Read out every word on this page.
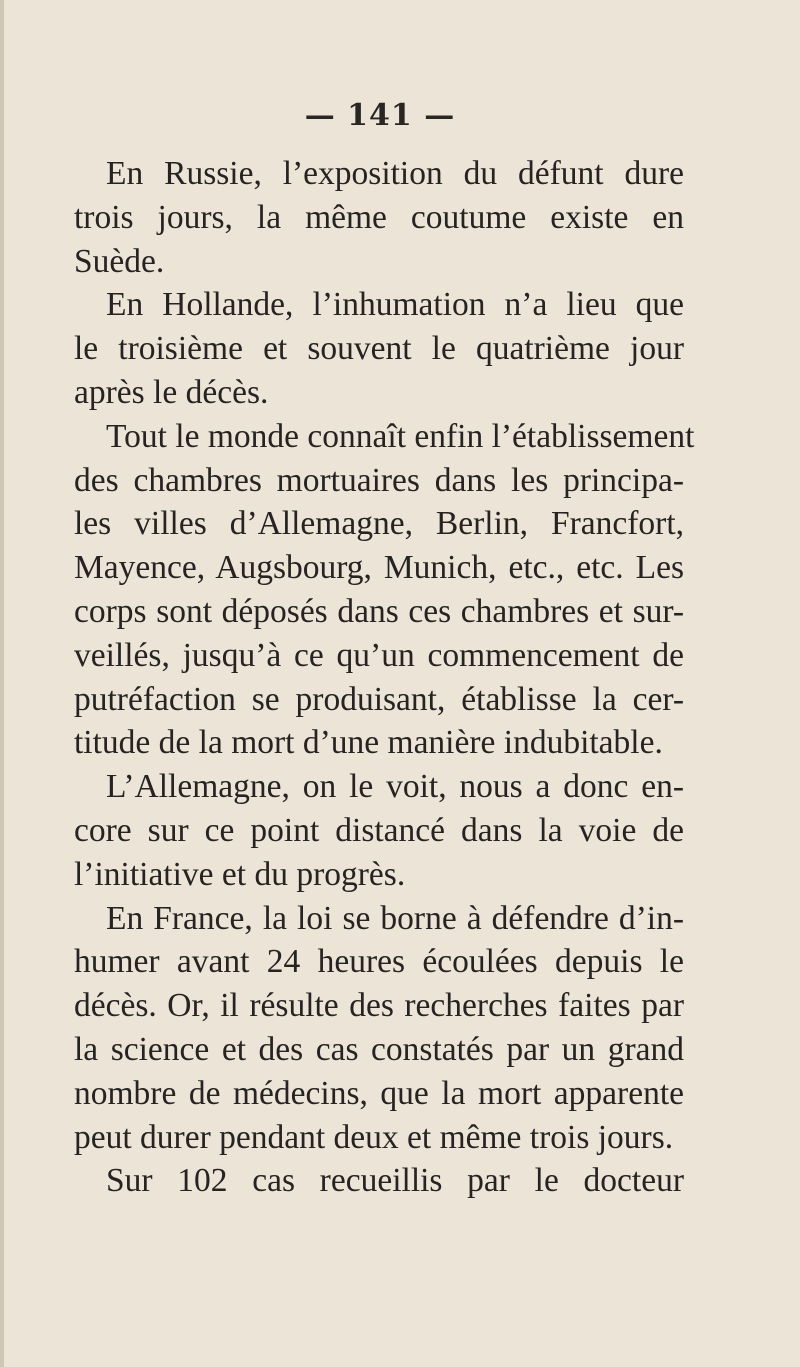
— 141 —
En Russie, l’exposition du défunt dure
trois jours, la même coutume existe en
Suède.
En Hollande, l’inhumation n’a lieu que
le troisième et souvent le quatrième jour
après le décès.
Tout le monde connaît enfin l’établissement
des chambres mortuaires dans les principa-
les villes d’Allemagne, Berlin, Francfort,
Mayence, Augsbourg, Munich, etc., etc. Les
corps sont déposés dans ces chambres et sur-
veillés, jusqu’à ce qu’un commencement de
putréfaction se produisant, établisse la cer-
titude de la mort d’une manière indubitable.
L’Allemagne, on le voit, nous a donc en-
core sur ce point distancé dans la voie de
l’initiative et du progrès.
En France, la loi se borne à défendre d’in-
humer avant 24 heures écoulées depuis le
décès. Or, il résulte des recherches faites par
la science et des cas constatés par un grand
nombre de médecins, que la mort apparente
peut durer pendant deux et même trois jours.
Sur 102 cas recueillis par le docteur
